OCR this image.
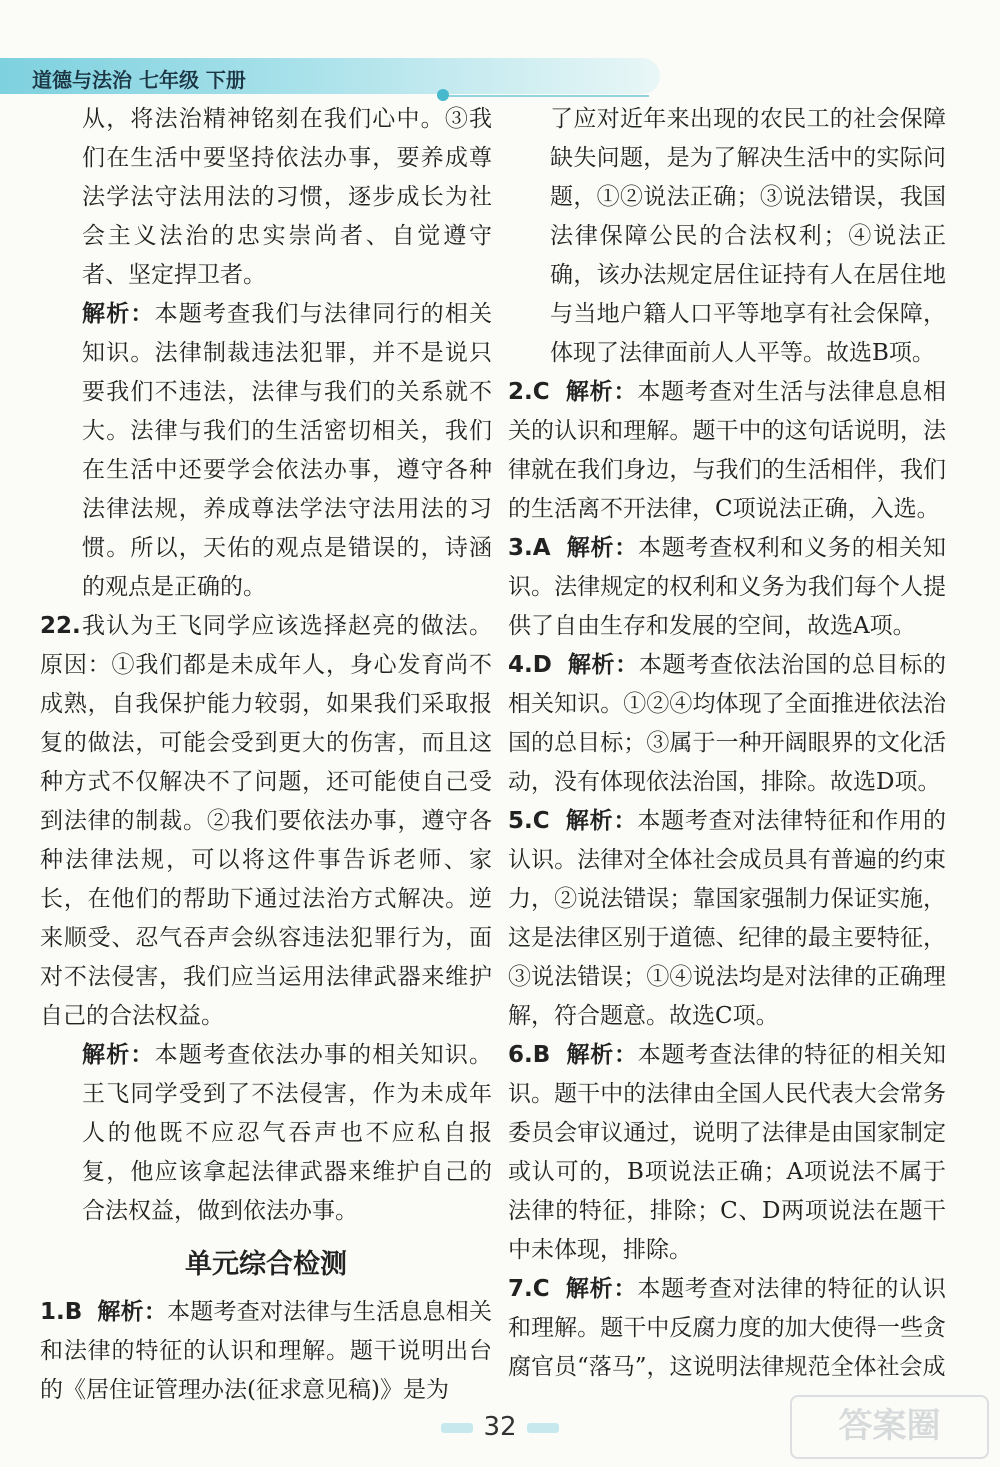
道德与法治 七年级 下册

从，将法治精神铭刻在我们心中。③我们在生活中要坚持依法办事，要养成尊法学法守法用法的习惯，逐步成长为社会主义法治的忠实崇尚者、自觉遵守者、坚定捍卫者。

解析：本题考查我们与法律同行的相关知识。法律制裁违法犯罪，并不是说只要我们不违法，法律与我们的关系就不大。法律与我们的生活密切相关，我们在生活中还要学会依法办事，遵守各种法律法规，养成尊法学法守法用法的习惯。所以，天佑的观点是错误的，诗涵的观点是正确的。

22.我认为王飞同学应该选择赵亮的做法。原因：①我们都是未成年人，身心发育尚不成熟，自我保护能力较弱，如果我们采取报复的做法，可能会受到更大的伤害，而且这种方式不仅解决不了问题，还可能使自己受到法律的制裁。②我们要依法办事，遵守各种法律法规，可以将这件事告诉老师、家长，在他们的帮助下通过法治方式解决。逆来顺受、忍气吞声会纵容违法犯罪行为，面对不法侵害，我们应当运用法律武器来维护自己的合法权益。

解析：本题考查依法办事的相关知识。王飞同学受到了不法侵害，作为未成年人的他既不应忍气吞声也不应私自报复，他应该拿起法律武器来维护自己的合法权益，做到依法办事。

单元综合检测

1.B 解析：本题考查对法律与生活息息相关和法律的特征的认识和理解。题干说明出台的《居住证管理办法(征求意见稿)》是为

了应对近年来出现的农民工的社会保障缺失问题，是为了解决生活中的实际问题，①②说法正确；③说法错误，我国法律保障公民的合法权利；④说法正确，该办法规定居住证持有人在居住地与当地户籍人口平等地享有社会保障，体现了法律面前人人平等。故选B项。

2.C 解析：本题考查对生活与法律息息相关的认识和理解。题干中的这句话说明，法律就在我们身边，与我们的生活相伴，我们的生活离不开法律，C项说法正确，入选。

3.A 解析：本题考查权利和义务的相关知识。法律规定的权利和义务为我们每个人提供了自由生存和发展的空间，故选A项。

4.D 解析：本题考查依法治国的总目标的相关知识。①②④均体现了全面推进依法治国的总目标；③属于一种开阔眼界的文化活动，没有体现依法治国，排除。故选D项。

5.C 解析：本题考查对法律特征和作用的认识。法律对全体社会成员具有普遍的约束力，②说法错误；靠国家强制力保证实施，这是法律区别于道德、纪律的最主要特征，③说法错误；①④说法均是对法律的正确理解，符合题意。故选C项。

6.B 解析：本题考查法律的特征的相关知识。题干中的法律由全国人民代表大会常务委员会审议通过，说明了法律是由国家制定或认可的，B项说法正确；A项说法不属于法律的特征，排除；C、D两项说法在题干中未体现，排除。

7.C 解析：本题考查对法律的特征的认识和理解。题干中反腐力度的加大使得一些贪腐官员“落马”，这说明法律规范全体社会成

32	答案圈
